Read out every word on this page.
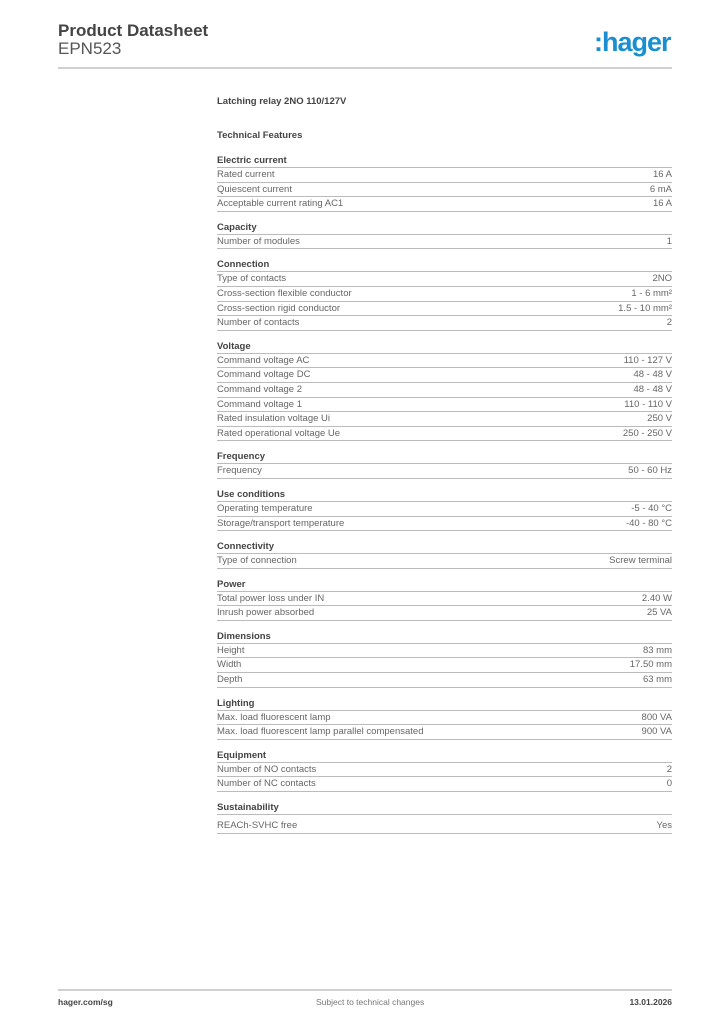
Product Datasheet
EPN523	:hager
Latching relay 2NO 110/127V
Technical Features
Electric current
Rated current	16 A
Quiescent current	6 mA
Acceptable current rating AC1	16 A
Capacity
Number of modules	1
Connection
Type of contacts	2NO
Cross-section flexible conductor	1 - 6 mm²
Cross-section rigid conductor	1.5 - 10 mm²
Number of contacts	2
Voltage
Command voltage AC	110 - 127 V
Command voltage DC	48 - 48 V
Command voltage 2	48 - 48 V
Command voltage 1	110 - 110 V
Rated insulation voltage Ui	250 V
Rated operational voltage Ue	250 - 250 V
Frequency
Frequency	50 - 60 Hz
Use conditions
Operating temperature	-5 - 40 °C
Storage/transport temperature	-40 - 80 °C
Connectivity
Type of connection	Screw terminal
Power
Total power loss under IN	2.40 W
Inrush power absorbed	25 VA
Dimensions
Height	83 mm
Width	17.50 mm
Depth	63 mm
Lighting
Max. load fluorescent lamp	800 VA
Max. load fluorescent lamp parallel compensated	900 VA
Equipment
Number of NO contacts	2
Number of NC contacts	0
Sustainability
REACh-SVHC free	Yes
hager.com/sg	Subject to technical changes	13.01.2026
